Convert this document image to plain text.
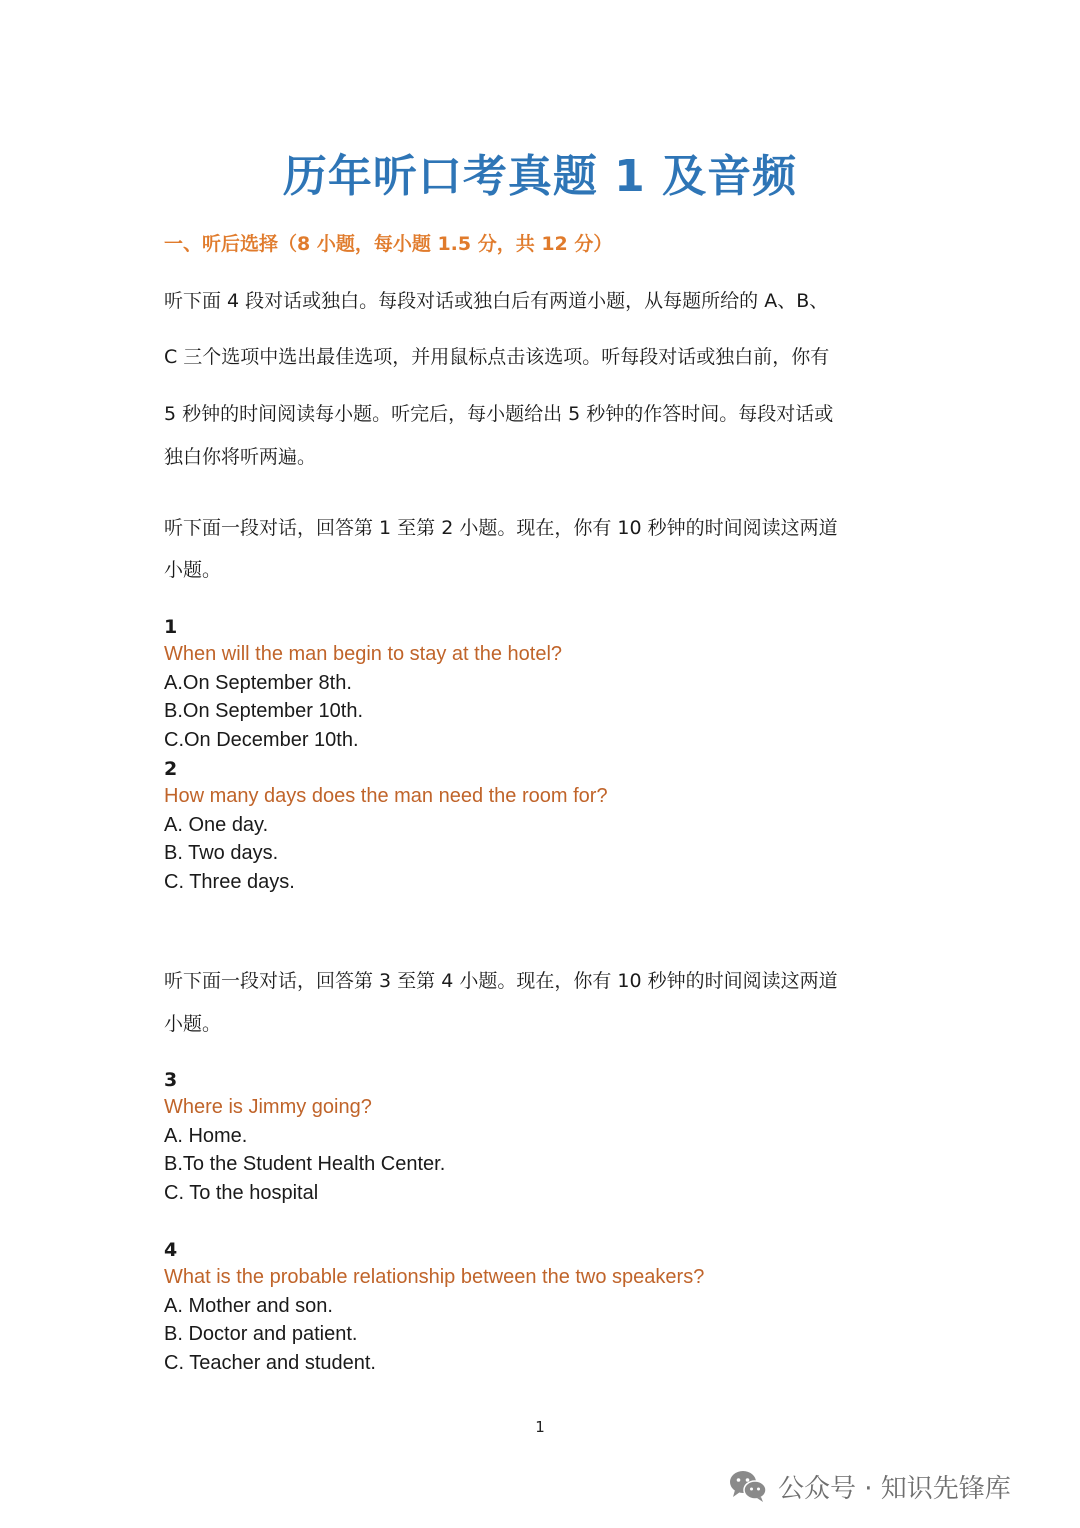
历年听口考真题 1 及音频
一、听后选择（8 小题，每小题 1.5 分，共 12 分）
听下面 4 段对话或独白。每段对话或独白后有两道小题，从每题所给的 A、B、
C 三个选项中选出最佳选项，并用鼠标点击该选项。听每段对话或独白前，你有
5 秒钟的时间阅读每小题。听完后，每小题给出 5 秒钟的作答时间。每段对话或
独白你将听两遍。
听下面一段对话，回答第 1 至第 2 小题。现在，你有 10 秒钟的时间阅读这两道
小题。
1
When will the man begin to stay at the hotel?
A.On September 8th.
B.On September 10th.
C.On December 10th.
2
How many days does the man need the room for?
A. One day.
B. Two days.
C. Three days.
听下面一段对话，回答第 3 至第 4 小题。现在，你有 10 秒钟的时间阅读这两道
小题。
3
Where is Jimmy going?
A. Home.
B.To the Student Health Center.
C. To the hospital
4
What is the probable relationship between the two speakers?
A. Mother and son.
B. Doctor and patient.
C. Teacher and student.
1
公众号 · 知识先锋库
